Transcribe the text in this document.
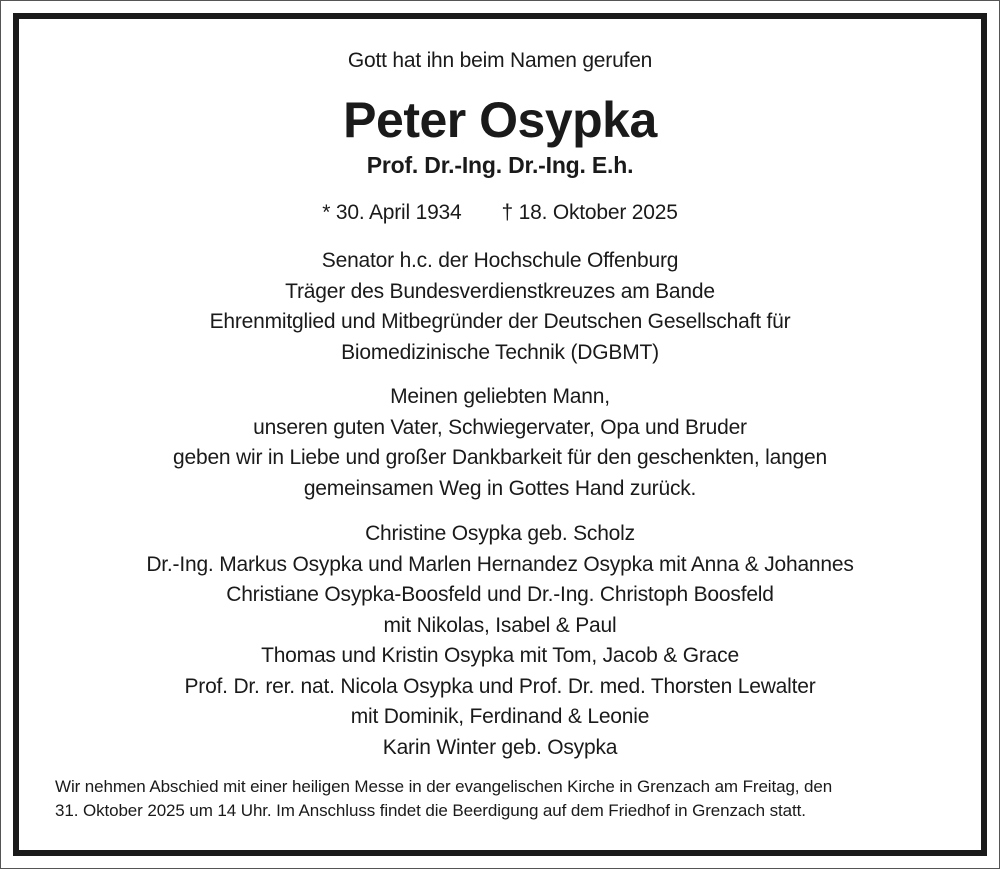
Gott hat ihn beim Namen gerufen
Peter Osypka
Prof. Dr.-Ing. Dr.-Ing. E.h.
* 30. April 1934 † 18. Oktober 2025
Senator h.c. der Hochschule Offenburg
Träger des Bundesverdienstkreuzes am Bande
Ehrenmitglied und Mitbegründer der Deutschen Gesellschaft für
Biomedizinische Technik (DGBMT)
Meinen geliebten Mann,
unseren guten Vater, Schwiegervater, Opa und Bruder
geben wir in Liebe und großer Dankbarkeit für den geschenkten, langen
gemeinsamen Weg in Gottes Hand zurück.
Christine Osypka geb. Scholz
Dr.-Ing. Markus Osypka und Marlen Hernandez Osypka mit Anna & Johannes
Christiane Osypka-Boosfeld und Dr.-Ing. Christoph Boosfeld
mit Nikolas, Isabel & Paul
Thomas und Kristin Osypka mit Tom, Jacob & Grace
Prof. Dr. rer. nat. Nicola Osypka und Prof. Dr. med. Thorsten Lewalter
mit Dominik, Ferdinand & Leonie
Karin Winter geb. Osypka
Wir nehmen Abschied mit einer heiligen Messe in der evangelischen Kirche in Grenzach am Freitag, den
31. Oktober 2025 um 14 Uhr. Im Anschluss findet die Beerdigung auf dem Friedhof in Grenzach statt.
